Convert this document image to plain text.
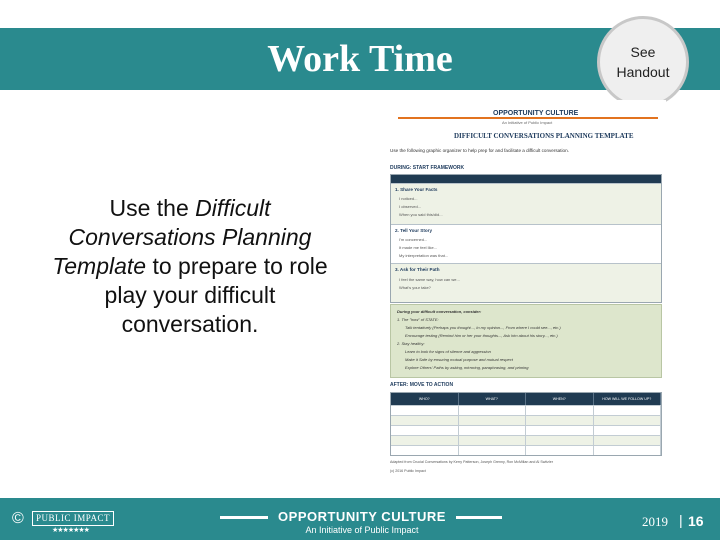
Work Time	See
Handout
Use the Difficult Conversations Planning Template to prepare to role play your difficult conversation.
OPPORTUNITY CULTURE
An Initiative of Public Impact
DIFFICULT CONVERSATIONS PLANNING TEMPLATE
Use the following graphic organizer to help prep for and facilitate a difficult conversation.
DURING: START FRAMEWORK
1. Share Your Facts
I noticed...
I observed...
When you said this/did...
2. Tell Your Story
I'm concerned...
It made me feel like...
My interpretation was that...
3. Ask for Their Path
I feel the same way, how can we...
What's your take?
During your difficult conversation, consider:
1. The "how" of STATE:
Talk tentatively (Perhaps you thought..., In my opinion..., From where I could see..., etc.)
Encourage testing (Remind him or her your thoughts..., Ask him about his story..., etc.)
2. Stay healthy:
Learn to look for signs of silence and aggression
Make it Safe by ensuring mutual purpose and mutual respect
Explore Others' Paths by asking, mirroring, paraphrasing, and priming
AFTER: MOVE TO ACTION
WHO?	WHAT?	WHEN?	HOW WILL WE FOLLOW UP?
Adapted from Crucial Conversations by Kerry Patterson, Joseph Grenny, Ron McMillan and Al Switzler
(c) 2016 Public Impact
©	PUBLIC IMPACT
★★★★★★★
OPPORTUNITY CULTURE
An Initiative of Public Impact
2019 | 16
